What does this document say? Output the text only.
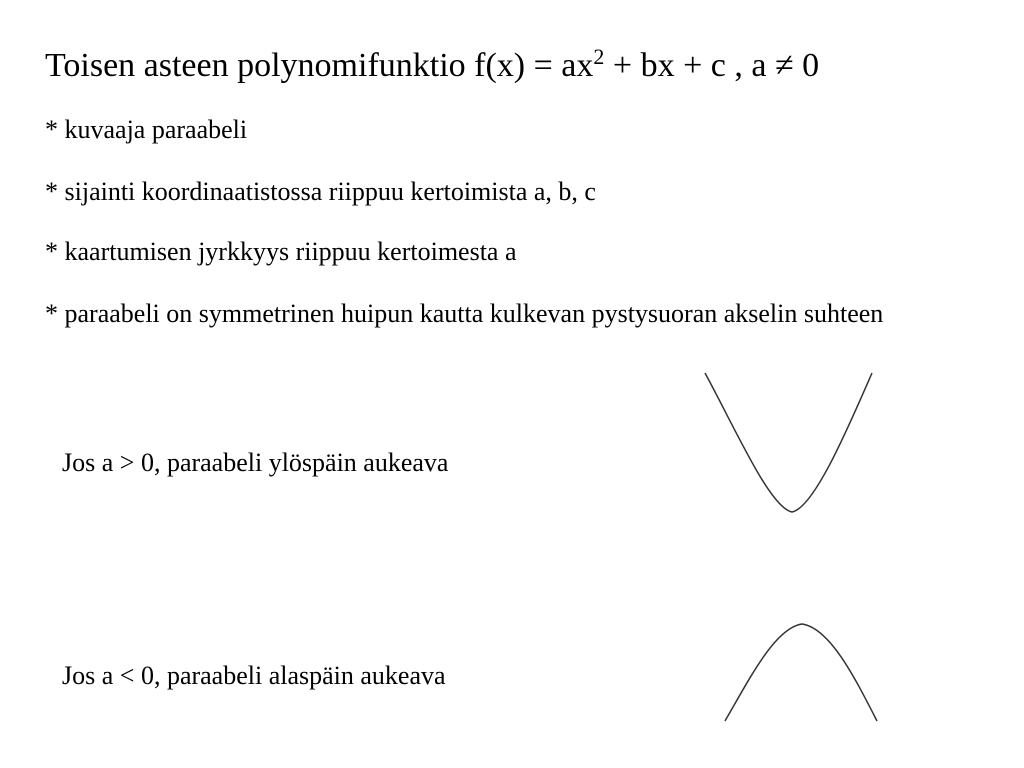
Toisen asteen polynomifunktio $f(x) = ax^2$ + bx + c , a ≠ 0
* kuvaaja paraabeli
* sijainti koordinaatistossa riippuu kertoimista a, b, c
* kaartumisen jyrkkyys riippuu kertoimesta a
* paraabeli on symmetrinen huipun kautta kulkevan pystysuoran akselin suhteen
Jos a > 0, paraabeli ylöspäin aukeava
Jos a < 0, paraabeli alaspäin aukeava
